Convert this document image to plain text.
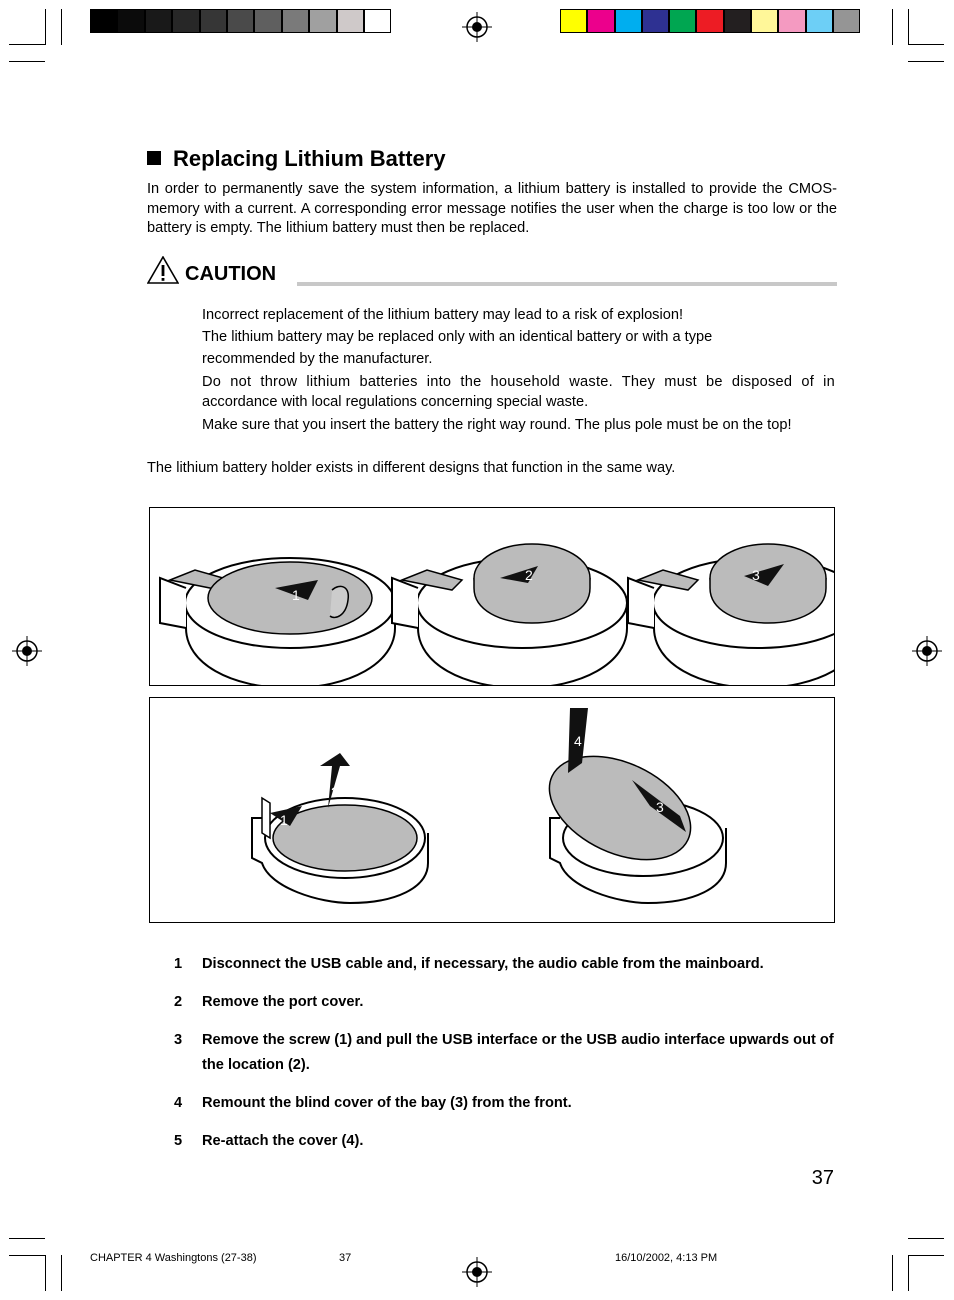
Replacing Lithium Battery
In order to permanently save the system information, a lithium battery is installed to provide the CMOS-memory with a current. A corresponding error message notifies the user when the charge is too low or the battery is empty. The lithium battery must then be replaced.
CAUTION

Incorrect replacement of the lithium battery may lead to a risk of explosion!

The lithium battery may be replaced only with an identical battery or with a type

recommended by the manufacturer.

Do not throw lithium batteries into the household waste. They must be disposed of in

accordance with local regulations concerning special waste.

Make sure that you insert the battery the right way round. The plus pole must be on the top!

The lithium battery holder exists in different designs that function in the same way.
1
2	3
1
2
3
4
1 Disconnect the USB cable and, if necessary, the audio cable from the mainboard.
2 Remove the port cover.
3 Remove the screw (1) and pull the USB interface or the USB audio interface upwards out of the location (2).
4 Remount the blind cover of the bay (3) from the front.
5 Re-attach the cover (4).
37
CHAPTER 4 Washingtons (27-38)	37	16/10/2002, 4:13 PM
